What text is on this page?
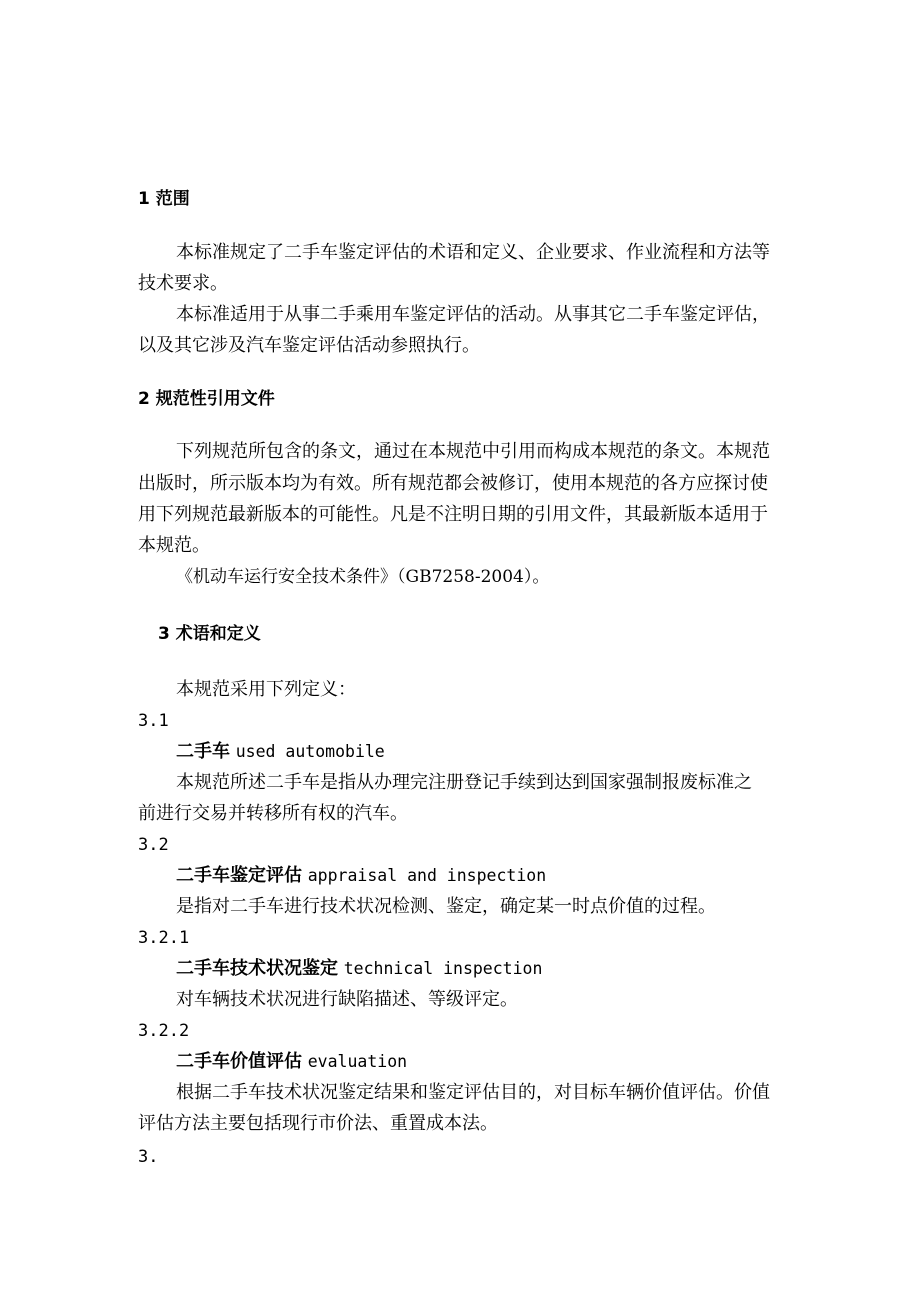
1 范围
本标准规定了二手车鉴定评估的术语和定义、企业要求、作业流程和方法等
技术要求。
本标准适用于从事二手乘用车鉴定评估的活动。从事其它二手车鉴定评估，
以及其它涉及汽车鉴定评估活动参照执行。
2 规范性引用文件
下列规范所包含的条文，通过在本规范中引用而构成本规范的条文。本规范
出版时，所示版本均为有效。所有规范都会被修订，使用本规范的各方应探讨使
用下列规范最新版本的可能性。凡是不注明日期的引用文件，其最新版本适用于
本规范。
《机动车运行安全技术条件》（GB7258-2004）。
3 术语和定义
本规范采用下列定义：
3.1
二手车 used automobile
本规范所述二手车是指从办理完注册登记手续到达到国家强制报废标准之
前进行交易并转移所有权的汽车。
3.2
二手车鉴定评估 appraisal and inspection
是指对二手车进行技术状况检测、鉴定，确定某一时点价值的过程。
3.2.1
二手车技术状况鉴定 technical inspection
对车辆技术状况进行缺陷描述、等级评定。
3.2.2
二手车价值评估 evaluation
根据二手车技术状况鉴定结果和鉴定评估目的，对目标车辆价值评估。价值
评估方法主要包括现行市价法、重置成本法。
3.
